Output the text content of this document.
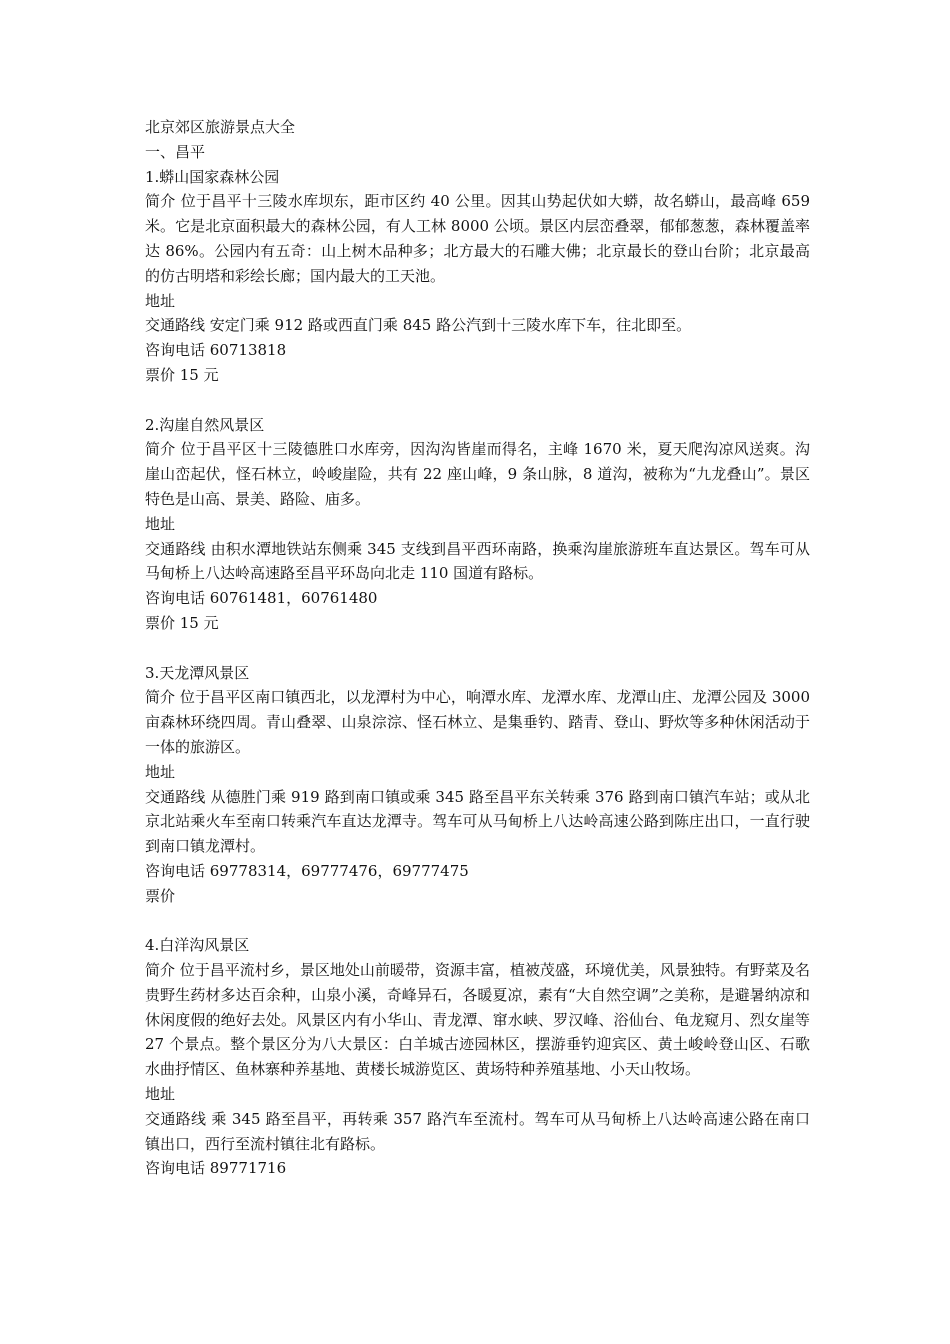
北京郊区旅游景点大全
一、昌平
1.蟒山国家森林公园
简介 位于昌平十三陵水库坝东，距市区约 40 公里。因其山势起伏如大蟒，故名蟒山，最高峰 659 米。它是北京面积最大的森林公园，有人工林 8000 公顷。景区内层峦叠翠，郁郁葱葱，森林覆盖率达 86%。公园内有五奇：山上树木品种多；北方最大的石雕大佛；北京最长的登山台阶；北京最高的仿古明塔和彩绘长廊；国内最大的工天池。
地址
交通路线 安定门乘 912 路或西直门乘 845 路公汽到十三陵水库下车，往北即至。
咨询电话 60713818
票价 15 元
2.沟崖自然风景区
简介 位于昌平区十三陵德胜口水库旁，因沟沟皆崖而得名，主峰 1670 米，夏天爬沟凉风送爽。沟崖山峦起伏，怪石林立，岭峻崖险，共有 22 座山峰，9 条山脉，8 道沟，被称为“九龙叠山”。景区特色是山高、景美、路险、庙多。
地址
交通路线 由积水潭地铁站东侧乘 345 支线到昌平西环南路，换乘沟崖旅游班车直达景区。驾车可从马甸桥上八达岭高速路至昌平环岛向北走 110 国道有路标。
咨询电话 60761481，60761480
票价 15 元
3.天龙潭风景区
简介 位于昌平区南口镇西北，以龙潭村为中心，响潭水库、龙潭水库、龙潭山庄、龙潭公园及 3000 亩森林环绕四周。青山叠翠、山泉淙淙、怪石林立、是集垂钓、踏青、登山、野炊等多种休闲活动于一体的旅游区。
地址
交通路线 从德胜门乘 919 路到南口镇或乘 345 路至昌平东关转乘 376 路到南口镇汽车站；或从北京北站乘火车至南口转乘汽车直达龙潭寺。驾车可从马甸桥上八达岭高速公路到陈庄出口，一直行驶到南口镇龙潭村。
咨询电话 69778314，69777476，69777475
票价
4.白洋沟风景区
简介 位于昌平流村乡，景区地处山前暖带，资源丰富，植被茂盛，环境优美，风景独特。有野菜及名贵野生药材多达百余种，山泉小溪，奇峰异石，各暖夏凉，素有“大自然空调”之美称，是避暑纳凉和休闲度假的绝好去处。风景区内有小华山、青龙潭、窜水峡、罗汉峰、浴仙台、龟龙窥月、烈女崖等 27 个景点。整个景区分为八大景区：白羊城古迹园林区，摆游垂钓迎宾区、黄土峻岭登山区、石歌水曲抒情区、鱼林寨种养基地、黄楼长城游览区、黄场特种养殖基地、小天山牧场。
地址
交通路线 乘 345 路至昌平，再转乘 357 路汽车至流村。驾车可从马甸桥上八达岭高速公路在南口镇出口，西行至流村镇往北有路标。
咨询电话 89771716
